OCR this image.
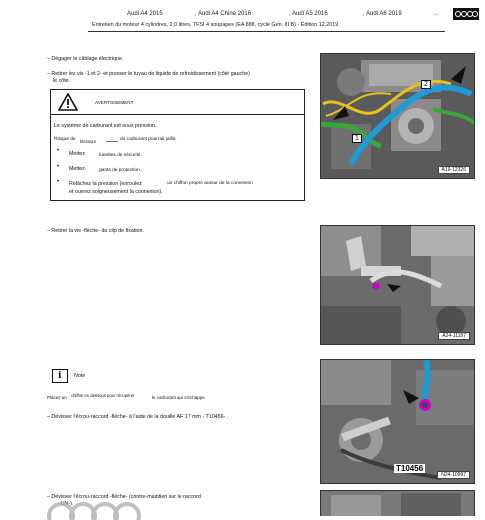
Audi A4 2015	, Audi A4 Chine 2016	, Audi A5 2016	, Audi A6 2019	...
Entretien du moteur 4 cylindres, 2,0 litres, TFSI 4 soupapes (EA 888, cycle Gen. III B) - Édition 12.2019
– Dégager le câblage électrique.
– Retirer les vis -1 et 2- et presser le tuyau de liquide de refroidissement (côté gauche)
le côté.
AVERTISSEMENT
Le système de carburant est sous pression.
Risque de blessure	du carburant pourrait jaillir.
• Mettez	lunettes de sécurité.
• Mettez	gants de protection.
• Relâchez la pression (enroulez	un chiffon propre autour de la connexion
et ouvrez soigneusement la connexion).
1
2
A19-12326
– Retirer la vis -flèche- du clip de fixation.
A24-11187
i Note
Placez un chiffon en dessous pour récupérer	le carburant qui s'échappe.
– Dévisser l'écrou-raccord -flèche- à l'aide de la douille AF 17 mm - T10456- .
T10456
N24-10997
– Dévisser l'écrou-raccord -flèche- (contre-maintien sur le raccord
-UN-).
